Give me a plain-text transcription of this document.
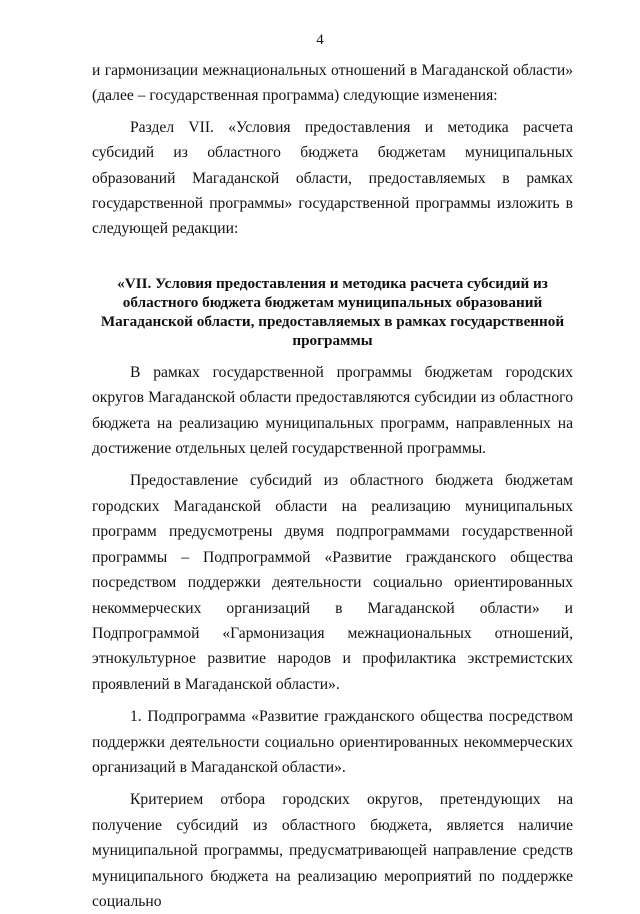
4

и гармонизации межнациональных отношений в Магаданской области» (далее – государственная программа) следующие изменения:

Раздел VII. «Условия предоставления и методика расчета субсидий из областного бюджета бюджетам муниципальных образований Магаданской области, предоставляемых в рамках государственной программы» государственной программы изложить в следующей редакции:

«VII. Условия предоставления и методика расчета субсидий из областного бюджета бюджетам муниципальных образований Магаданской области, предоставляемых в рамках государственной программы

В рамках государственной программы бюджетам городских округов Магаданской области предоставляются субсидии из областного бюджета на реализацию муниципальных программ, направленных на достижение отдельных целей государственной программы.

Предоставление субсидий из областного бюджета бюджетам городских Магаданской области на реализацию муниципальных программ предусмотрены двумя подпрограммами государственной программы – Подпрограммой «Развитие гражданского общества посредством поддержки деятельности социально ориентированных некоммерческих организаций в Магаданской области» и Подпрограммой «Гармонизация межнациональных отношений, этнокультурное развитие народов и профилактика экстремистских проявлений в Магаданской области».

1. Подпрограмма «Развитие гражданского общества посредством поддержки деятельности социально ориентированных некоммерческих организаций в Магаданской области».

Критерием отбора городских округов, претендующих на получение субсидий из областного бюджета, является наличие муниципальной программы, предусматривающей направление средств муниципального бюджета на реализацию мероприятий по поддержке социально
